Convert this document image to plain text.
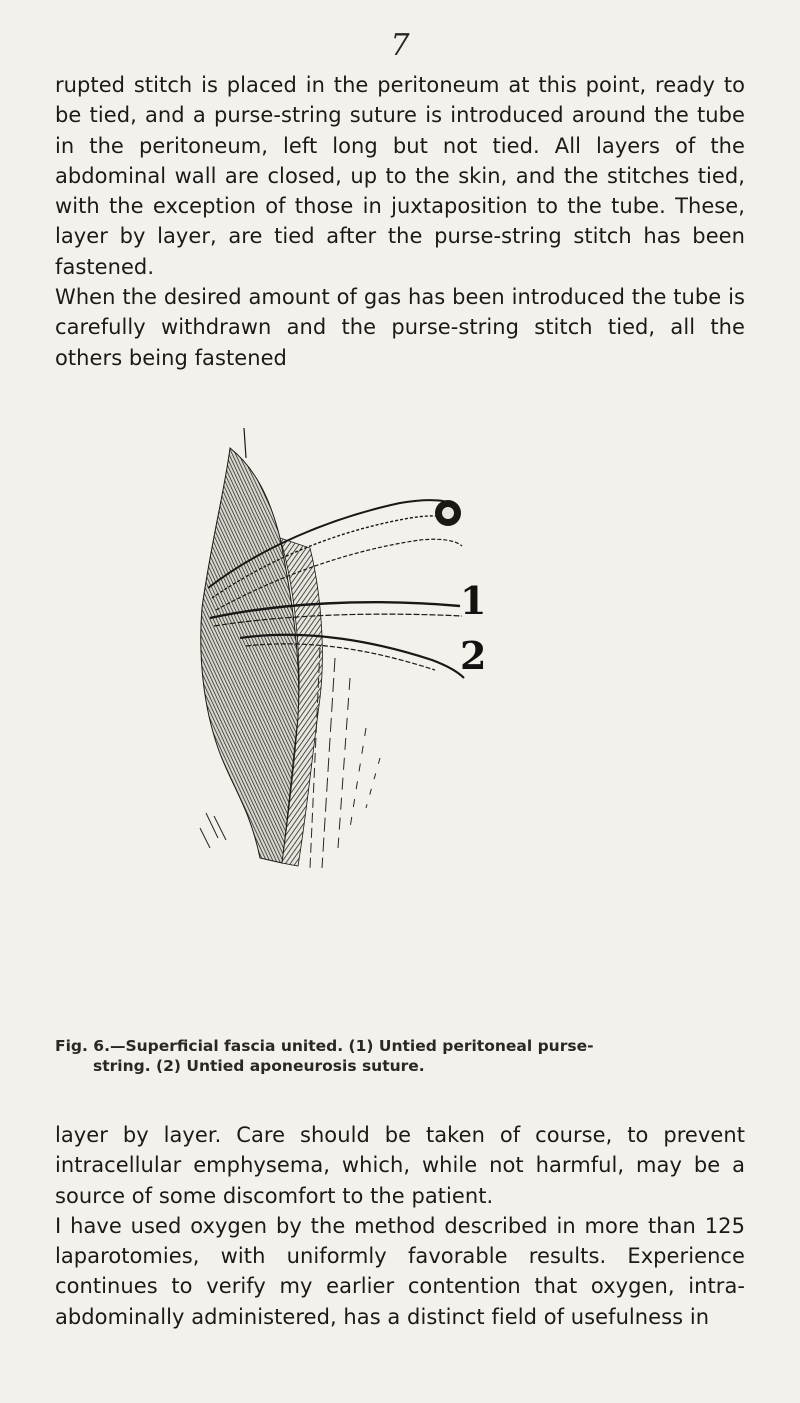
7

rupted stitch is placed in the peritoneum at this point, ready to be tied, and a purse-string suture is introduced around the tube in the peritoneum, left long but not tied. All layers of the abdominal wall are closed, up to the skin, and the stitches tied, with the exception of those in juxtaposition to the tube. These, layer by layer, are tied after the purse-string stitch has been fastened.

When the desired amount of gas has been introduced the tube is carefully withdrawn and the purse-string stitch tied, all the others being fastened

1
2
Fig. 6.—Superficial fascia united. (1) Untied peritoneal purse-
string. (2) Untied aponeurosis suture.

layer by layer. Care should be taken of course, to prevent intracellular emphysema, which, while not harmful, may be a source of some discomfort to the patient.

I have used oxygen by the method described in more than 125 laparotomies, with uniformly favorable results. Experience continues to verify my earlier contention that oxygen, intra-abdominally administered, has a distinct field of usefulness in
